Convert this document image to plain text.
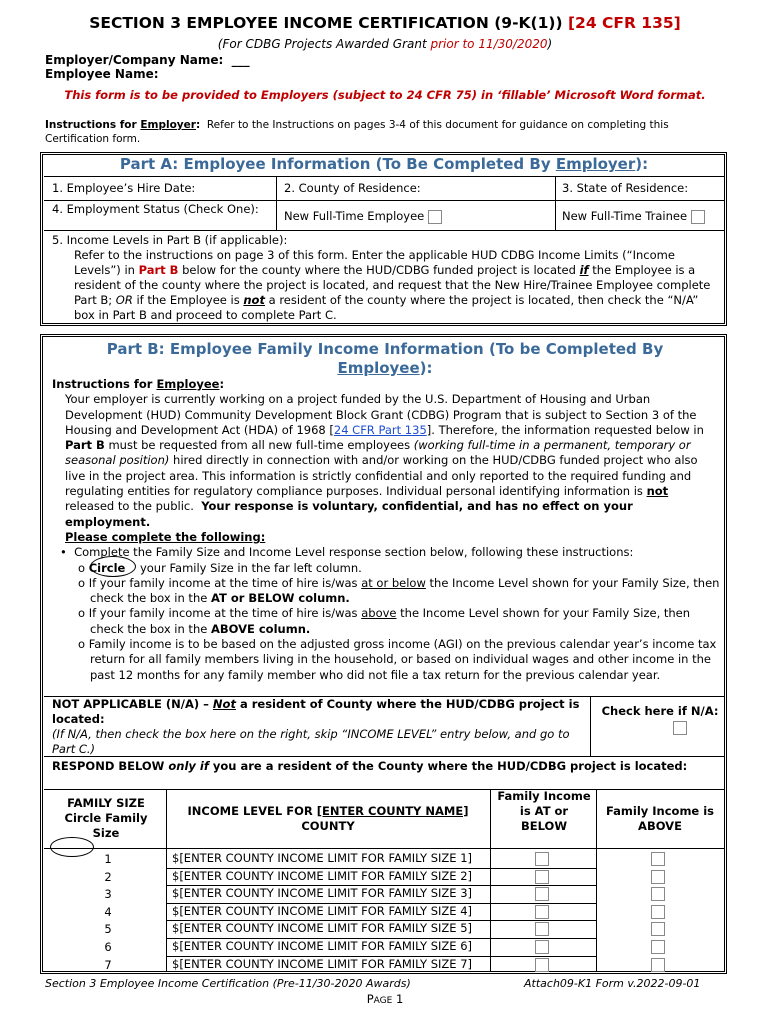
SECTION 3 EMPLOYEE INCOME CERTIFICATION (9-K(1)) [24 CFR 135]
(For CDBG Projects Awarded Grant prior to 11/30/2020)
Employer/Company Name: ___
Employee Name:
This form is to be provided to Employers (subject to 24 CFR 75) in ‘fillable’ Microsoft Word format.
Instructions for Employer: Refer to the Instructions on pages 3-4 of this document for guidance on completing this Certification form.
Part A: Employee Information (To Be Completed By Employer):
1. Employee’s Hire Date:	2. County of Residence:	3. State of Residence:
4. Employment Status (Check One):	New Full-Time Employee	New Full-Time Trainee
5. Income Levels in Part B (if applicable):
Refer to the instructions on page 3 of this form. Enter the applicable HUD CDBG Income Limits (“Income Levels”) in Part B below for the county where the HUD/CDBG funded project is located if the Employee is a resident of the county where the project is located, and request that the New Hire/Trainee Employee complete Part B; OR if the Employee is not a resident of the county where the project is located, then check the “N/A” box in Part B and proceed to complete Part C.
Part B: Employee Family Income Information (To be Completed By Employee):
Instructions for Employee:
Your employer is currently working on a project funded by the U.S. Department of Housing and Urban Development (HUD) Community Development Block Grant (CDBG) Program that is subject to Section 3 of the Housing and Development Act (HDA) of 1968 [24 CFR Part 135]. Therefore, the information requested below in Part B must be requested from all new full-time employees (working full-time in a permanent, temporary or seasonal position) hired directly in connection with and/or working on the HUD/CDBG funded project who also live in the project area. This information is strictly confidential and only reported to the required funding and regulating entities for regulatory compliance purposes. Individual personal identifying information is not released to the public. Your response is voluntary, confidential, and has no effect on your employment.
Please complete the following:
•  Complete the Family Size and Income Level response section below, following these instructions:
o Circle your Family Size in the far left column.
o If your family income at the time of hire is/was at or below the Income Level shown for your Family Size, then check the box in the AT or BELOW column.
o If your family income at the time of hire is/was above the Income Level shown for your Family Size, then check the box in the ABOVE column.
o Family income is to be based on the adjusted gross income (AGI) on the previous calendar year’s income tax return for all family members living in the household, or based on individual wages and other income in the past 12 months for any family member who did not file a tax return for the previous calendar year.
NOT APPLICABLE (N/A) – Not a resident of County where the HUD/CDBG project is located:
(If N/A, then check the box here on the right, skip “INCOME LEVEL” entry below, and go to Part C.)
Check here if N/A:
RESPOND BELOW only if you are a resident of the County where the HUD/CDBG project is located:
FAMILY SIZE Circle Family Size
INCOME LEVEL FOR [ENTER COUNTY NAME]
COUNTY
Family Income is AT or BELOW
Family Income is ABOVE
1	$[ENTER COUNTY INCOME LIMIT FOR FAMILY SIZE 1]
2	$[ENTER COUNTY INCOME LIMIT FOR FAMILY SIZE 2]
3	$[ENTER COUNTY INCOME LIMIT FOR FAMILY SIZE 3]
4	$[ENTER COUNTY INCOME LIMIT FOR FAMILY SIZE 4]
5	$[ENTER COUNTY INCOME LIMIT FOR FAMILY SIZE 5]
6	$[ENTER COUNTY INCOME LIMIT FOR FAMILY SIZE 6]
7	$[ENTER COUNTY INCOME LIMIT FOR FAMILY SIZE 7]
Section 3 Employee Income Certification (Pre-11/30-2020 Awards)	Attach09-K1 Form v.2022-09-01
PAGE 1
